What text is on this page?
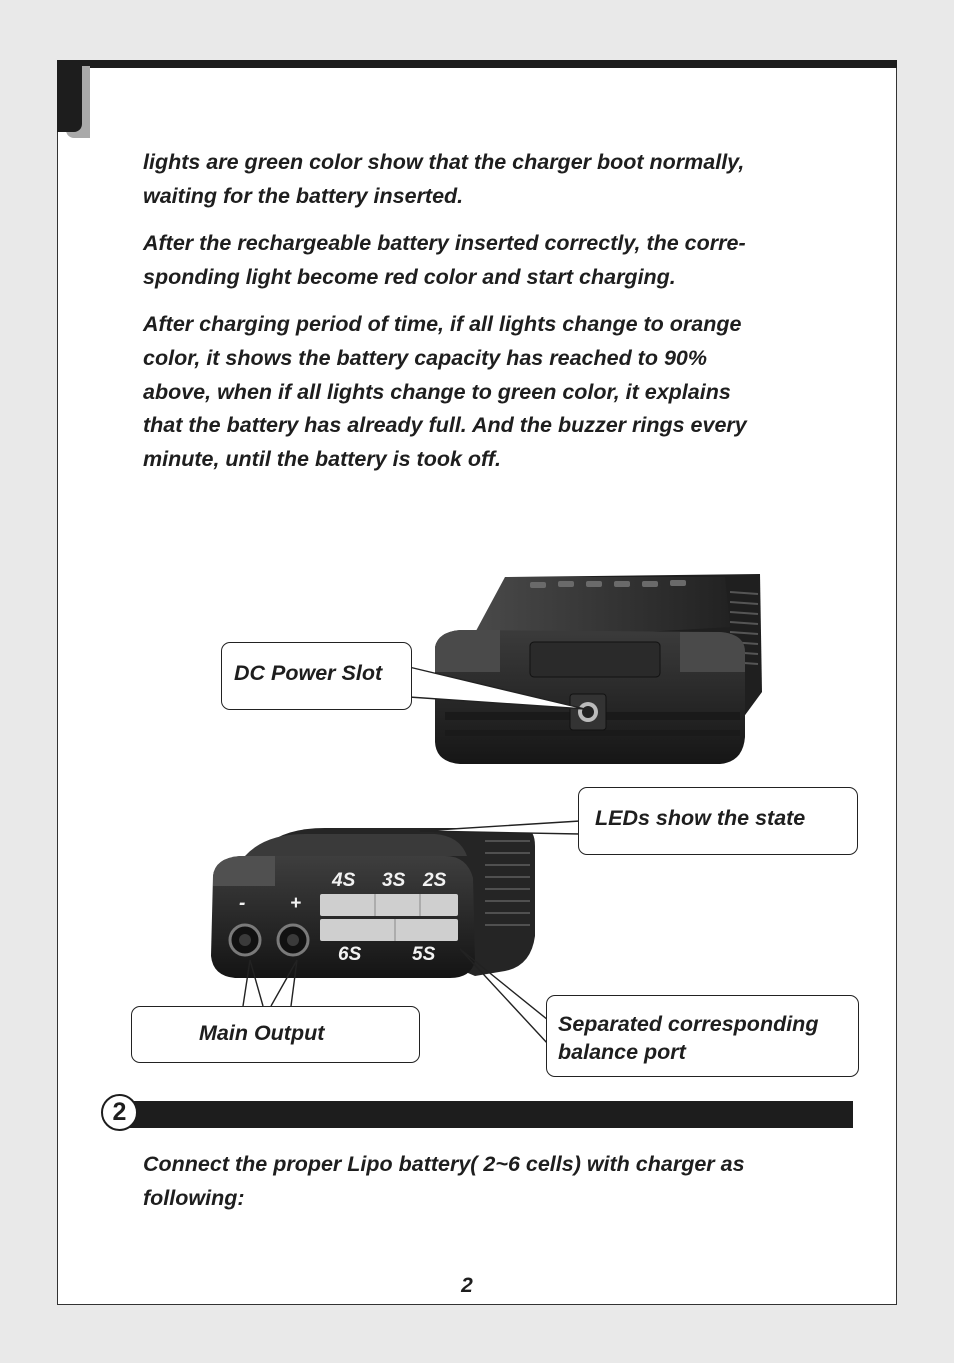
lights are green color show that the charger boot normally,
waiting for the battery inserted.

After the rechargeable battery inserted correctly, the corre-
sponding light become red color and start charging.

After charging period of time, if all lights change to orange
color, it shows the battery capacity has reached to 90%
above, when if all lights change to green color, it explains
that the battery has already full. And the buzzer rings every
minute, until the battery is took off.

- +
4S 3S 2S
6S	5S
DC Power Slot
LEDs show the state
Main Output	Separated corresponding
balance port
2

Connect the proper Lipo battery( 2~6 cells) with charger as
following:

2
